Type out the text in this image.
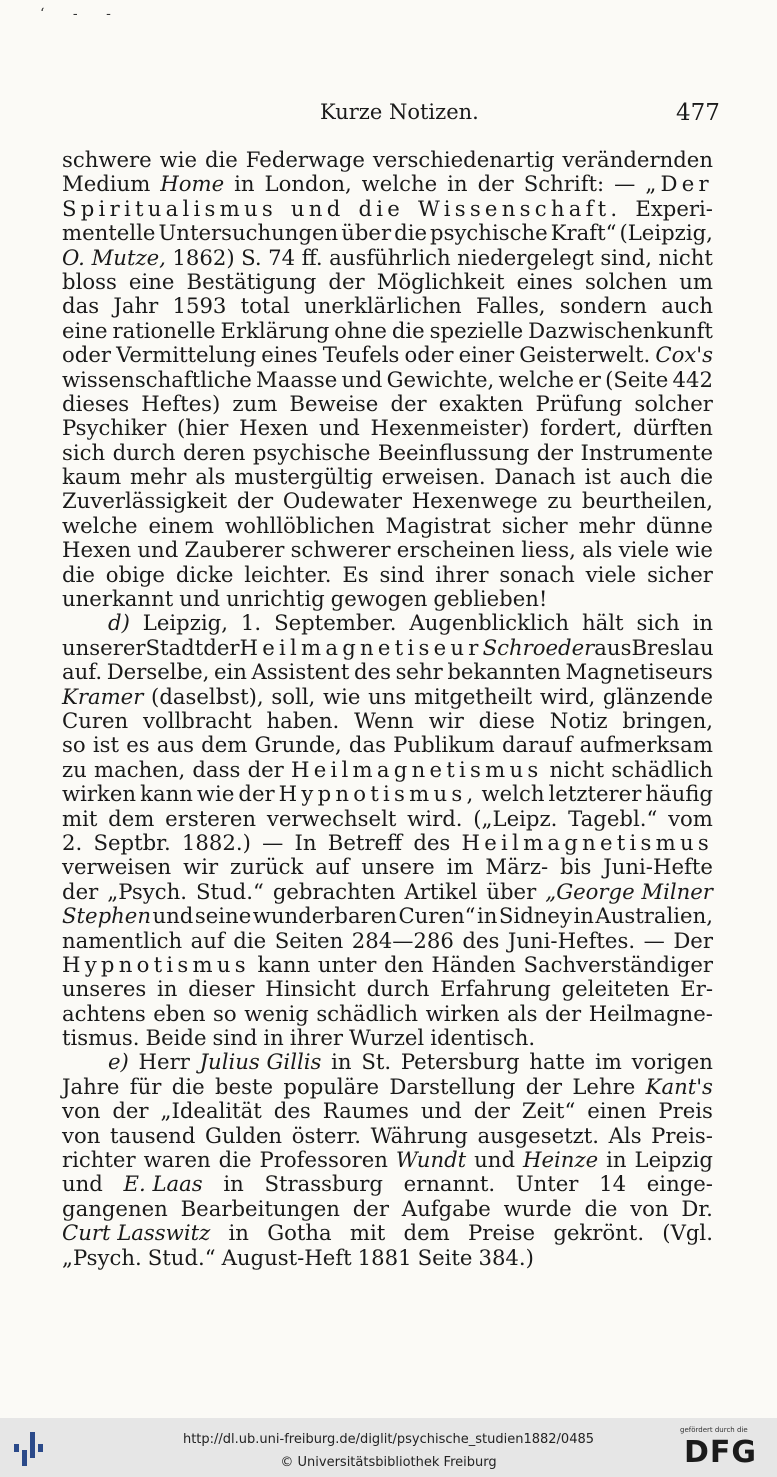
‘ - -
Kurze Notizen.	477
schwere wie die Federwage verschiedenartig verändernden
Medium Home in London, welche in der Schrift: — „Der
Spiritualismus und die Wissenschaft. Experi-
mentelle Untersuchungen über die psychische Kraft“ (Leipzig,
O. Mutze, 1862) S. 74 ff. ausführlich niedergelegt sind, nicht
bloss eine Bestätigung der Möglichkeit eines solchen um
das Jahr 1593 total unerklärlichen Falles, sondern auch
eine rationelle Erklärung ohne die spezielle Dazwischenkunft
oder Vermittelung eines Teufels oder einer Geisterwelt. Cox's
wissenschaftliche Maasse und Gewichte, welche er (Seite 442
dieses Heftes) zum Beweise der exakten Prüfung solcher
Psychiker (hier Hexen und Hexenmeister) fordert, dürften
sich durch deren psychische Beeinflussung der Instrumente
kaum mehr als mustergültig erweisen. Danach ist auch die
Zuverlässigkeit der Oudewater Hexenwege zu beurtheilen,
welche einem wohllöblichen Magistrat sicher mehr dünne
Hexen und Zauberer schwerer erscheinen liess, als viele wie
die obige dicke leichter. Es sind ihrer sonach viele sicher
unerkannt und unrichtig gewogen geblieben!
d) Leipzig, 1. September. Augenblicklich hält sich in
unserer Stadt der Heilmagnetiseur Schroeder aus Breslau
auf. Derselbe, ein Assistent des sehr bekannten Magnetiseurs
Kramer (daselbst), soll, wie uns mitgetheilt wird, glänzende
Curen vollbracht haben. Wenn wir diese Notiz bringen,
so ist es aus dem Grunde, das Publikum darauf aufmerksam
zu machen, dass der Heilmagnetismus nicht schädlich
wirken kann wie der Hypnotismus, welch letzterer häufig
mit dem ersteren verwechselt wird. („Leipz. Tagebl.“ vom
2. Septbr. 1882.) — In Betreff des Heilmagnetismus
verweisen wir zurück auf unsere im März- bis Juni-Hefte
der „Psych. Stud.“ gebrachten Artikel über „George Milner
Stephen und seine wunderbaren Curen“ in Sidney in Australien,
namentlich auf die Seiten 284—286 des Juni-Heftes. — Der
Hypnotismus kann unter den Händen Sachverständiger
unseres in dieser Hinsicht durch Erfahrung geleiteten Er-
achtens eben so wenig schädlich wirken als der Heilmagne-
tismus. Beide sind in ihrer Wurzel identisch.
e) Herr Julius Gillis in St. Petersburg hatte im vorigen
Jahre für die beste populäre Darstellung der Lehre Kant's
von der „Idealität des Raumes und der Zeit“ einen Preis
von tausend Gulden österr. Währung ausgesetzt. Als Preis-
richter waren die Professoren Wundt und Heinze in Leipzig
und E. Laas in Strassburg ernannt. Unter 14 einge-
gangenen Bearbeitungen der Aufgabe wurde die von Dr.
Curt Lasswitz in Gotha mit dem Preise gekrönt. (Vgl.
„Psych. Stud.“ August-Heft 1881 Seite 384.)
http://dl.ub.uni-freiburg.de/diglit/psychische_studien1882/0485
© Universitätsbibliothek Freiburg
gefördert durch die
DFG
